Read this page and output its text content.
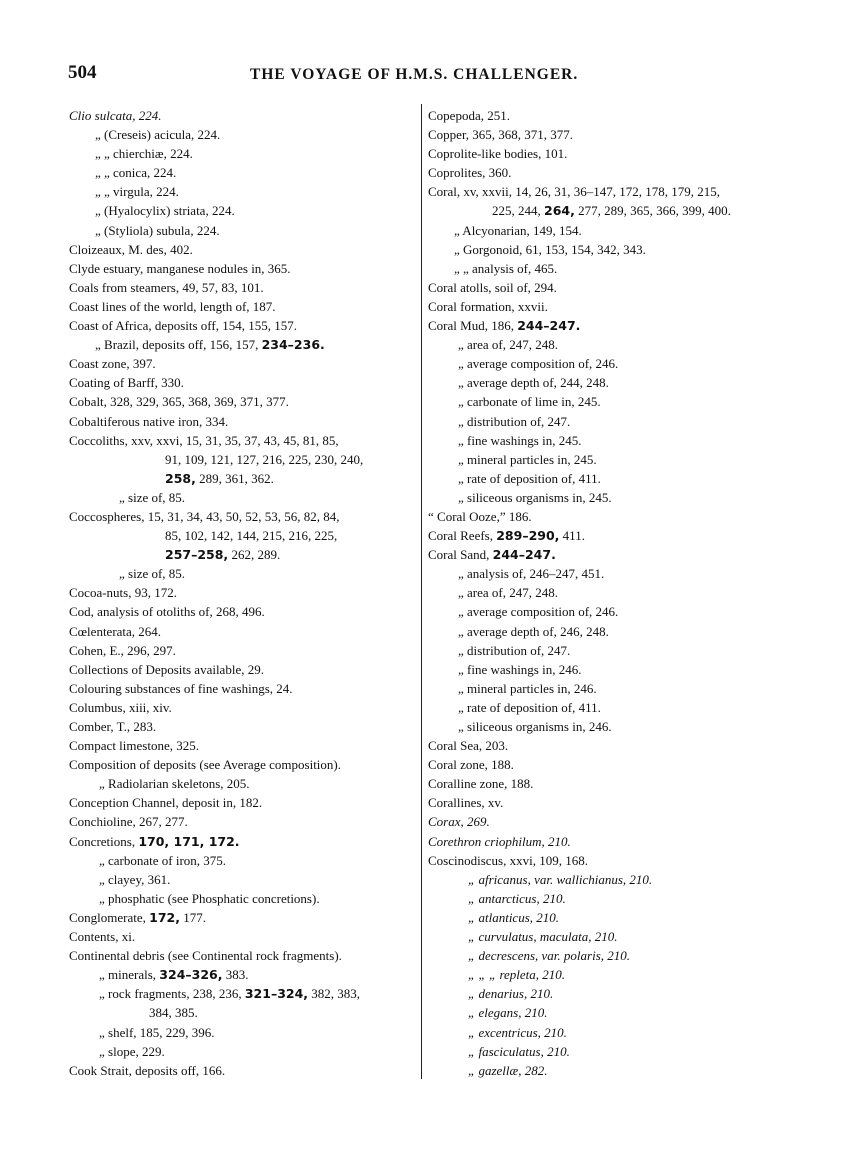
504	THE VOYAGE OF H.M.S. CHALLENGER.
Clio sulcata, 224.
„ (Creseis) acicula, 224.
„ „ chierchiæ, 224.
„ „ conica, 224.
„ „ virgula, 224.
„ (Hyalocylix) striata, 224.
„ (Styliola) subula, 224.
Cloizeaux, M. des, 402.
Clyde estuary, manganese nodules in, 365.
Coals from steamers, 49, 57, 83, 101.
Coast lines of the world, length of, 187.
Coast of Africa, deposits off, 154, 155, 157.
„ Brazil, deposits off, 156, 157, 234–236.
Coast zone, 397.
Coating of Barff, 330.
Cobalt, 328, 329, 365, 368, 369, 371, 377.
Cobaltiferous native iron, 334.
Coccoliths, xxv, xxvi, 15, 31, 35, 37, 43, 45, 81, 85,
91, 109, 121, 127, 216, 225, 230, 240,
258, 289, 361, 362.
„ size of, 85.
Coccospheres, 15, 31, 34, 43, 50, 52, 53, 56, 82, 84,
85, 102, 142, 144, 215, 216, 225,
257–258, 262, 289.
„ size of, 85.
Cocoa-nuts, 93, 172.
Cod, analysis of otoliths of, 268, 496.
Cœlenterata, 264.
Cohen, E., 296, 297.
Collections of Deposits available, 29.
Colouring substances of fine washings, 24.
Columbus, xiii, xiv.
Comber, T., 283.
Compact limestone, 325.
Composition of deposits (see Average composition).
„ Radiolarian skeletons, 205.
Conception Channel, deposit in, 182.
Conchioline, 267, 277.
Concretions, 170, 171, 172.
„ carbonate of iron, 375.
„ clayey, 361.
„ phosphatic (see Phosphatic concretions).
Conglomerate, 172, 177.
Contents, xi.
Continental debris (see Continental rock fragments).
„ minerals, 324–326, 383.
„ rock fragments, 238, 236, 321–324, 382, 383,
384, 385.
„ shelf, 185, 229, 396.
„ slope, 229.
Cook Strait, deposits off, 166.
Copepoda, 251.
Copper, 365, 368, 371, 377.
Coprolite-like bodies, 101.
Coprolites, 360.
Coral, xv, xxvii, 14, 26, 31, 36–147, 172, 178, 179, 215,
225, 244, 264, 277, 289, 365, 366, 399, 400.
„ Alcyonarian, 149, 154.
„ Gorgonoid, 61, 153, 154, 342, 343.
„ „ analysis of, 465.
Coral atolls, soil of, 294.
Coral formation, xxvii.
Coral Mud, 186, 244–247.
„ area of, 247, 248.
„ average composition of, 246.
„ average depth of, 244, 248.
„ carbonate of lime in, 245.
„ distribution of, 247.
„ fine washings in, 245.
„ mineral particles in, 245.
„ rate of deposition of, 411.
„ siliceous organisms in, 245.
“ Coral Ooze,” 186.
Coral Reefs, 289–290, 411.
Coral Sand, 244–247.
„ analysis of, 246–247, 451.
„ area of, 247, 248.
„ average composition of, 246.
„ average depth of, 246, 248.
„ distribution of, 247.
„ fine washings in, 246.
„ mineral particles in, 246.
„ rate of deposition of, 411.
„ siliceous organisms in, 246.
Coral Sea, 203.
Coral zone, 188.
Coralline zone, 188.
Corallines, xv.
Corax, 269.
Corethron criophilum, 210.
Coscinodiscus, xxvi, 109, 168.
„ africanus, var. wallichianus, 210.
„ antarcticus, 210.
„ atlanticus, 210.
„ curvulatus, maculata, 210.
„ decrescens, var. polaris, 210.
„ „ „ repleta, 210.
„ denarius, 210.
„ elegans, 210.
„ excentricus, 210.
„ fasciculatus, 210.
„ gazellæ, 282.
